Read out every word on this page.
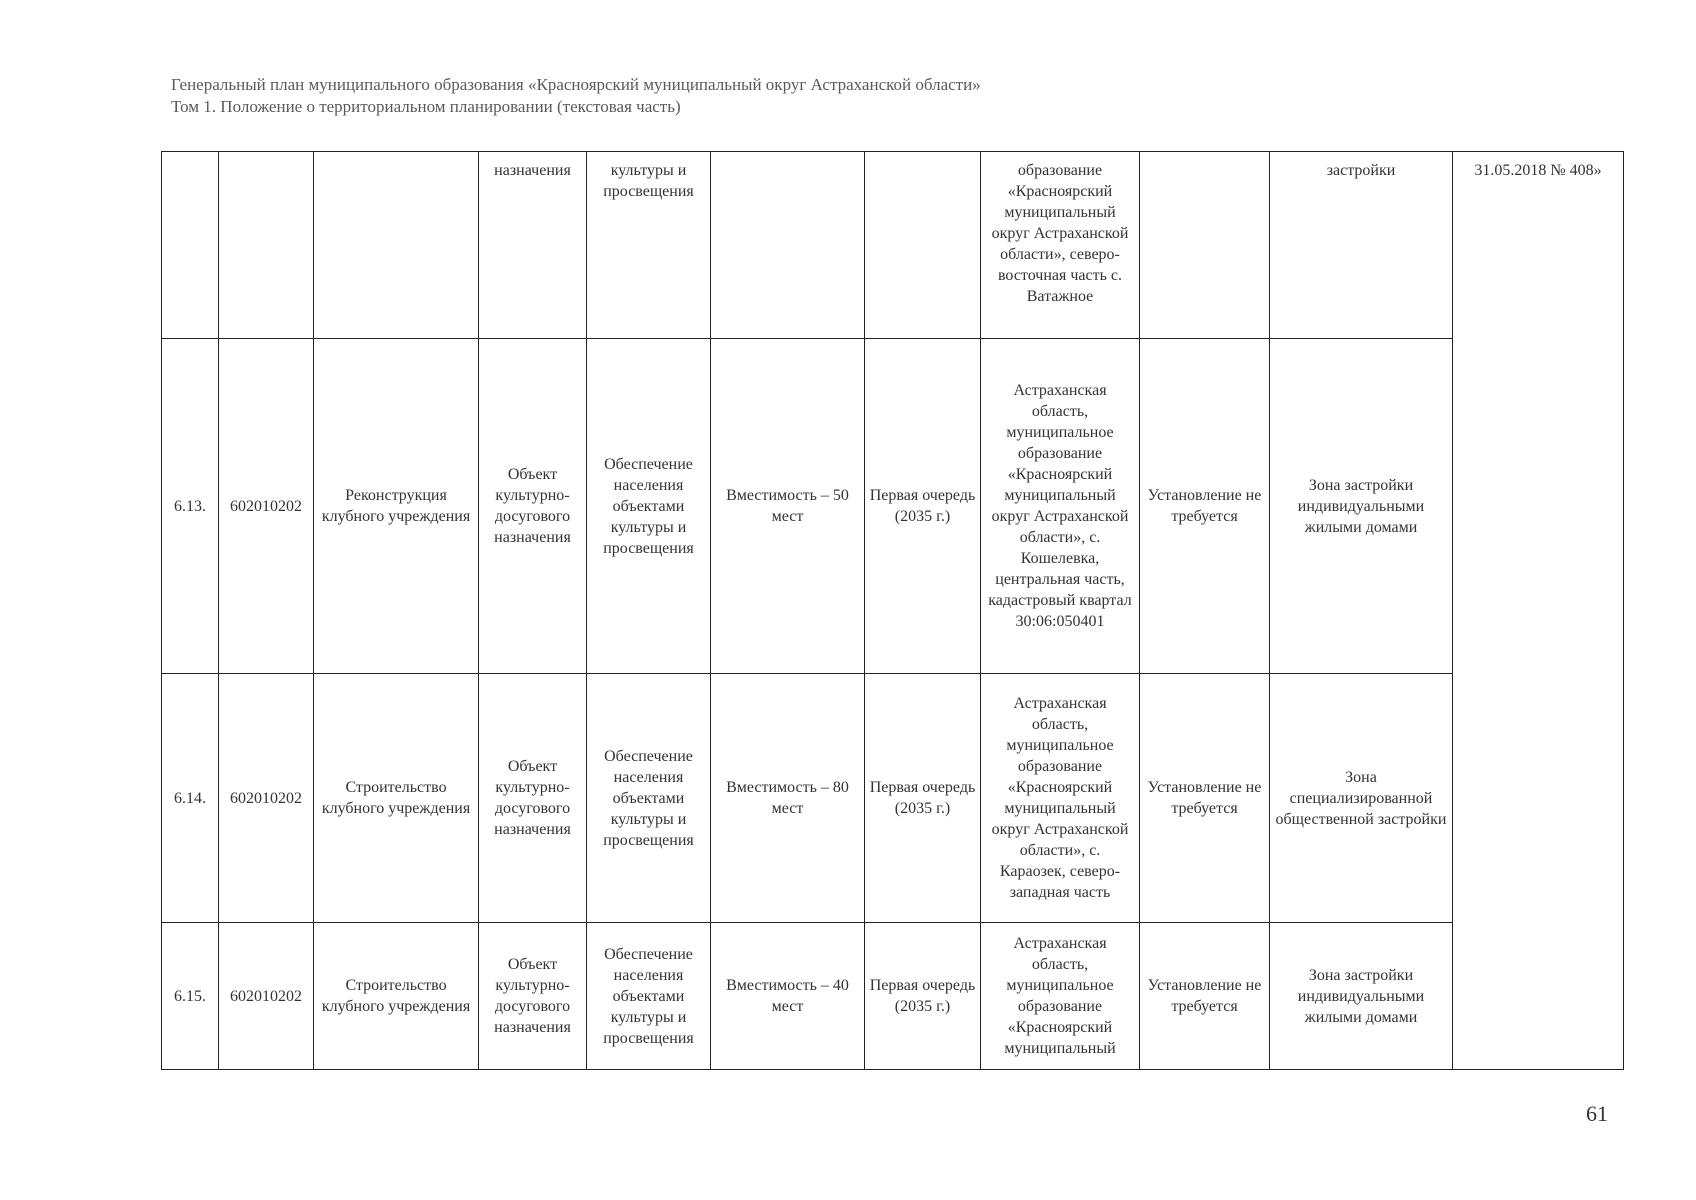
Генеральный план муниципального образования «Красноярский муниципальный округ Астраханской области»
Том 1. Положение о территориальном планировании (текстовая часть)
			назначения	культуры и просвещения			образование «Красноярский муниципальный округ Астраханской области», северо-восточная часть с. Ватажное		застройки	31.05.2018 № 408»
6.13.	602010202	Реконструкция клубного учреждения	Объект культурно-досугового назначения	Обеспечение населения объектами культуры и просвещения	Вместимость – 50 мест	Первая очередь (2035 г.)	Астраханская область, муниципальное образование «Красноярский муниципальный округ Астраханской области», с. Кошелевка, центральная часть, кадастровый квартал 30:06:050401	Установление не требуется	Зона застройки индивидуальными жилыми домами	
6.14.	602010202	Строительство клубного учреждения	Объект культурно-досугового назначения	Обеспечение населения объектами культуры и просвещения	Вместимость – 80 мест	Первая очередь (2035 г.)	Астраханская область, муниципальное образование «Красноярский муниципальный округ Астраханской области», с. Караозек, северо-западная часть	Установление не требуется	Зона специализированной общественной застройки	
6.15.	602010202	Строительство клубного учреждения	Объект культурно-досугового назначения	Обеспечение населения объектами культуры и просвещения	Вместимость – 40 мест	Первая очередь (2035 г.)	Астраханская область, муниципальное образование «Красноярский муниципальный	Установление не требуется	Зона застройки индивидуальными жилыми домами	
61
